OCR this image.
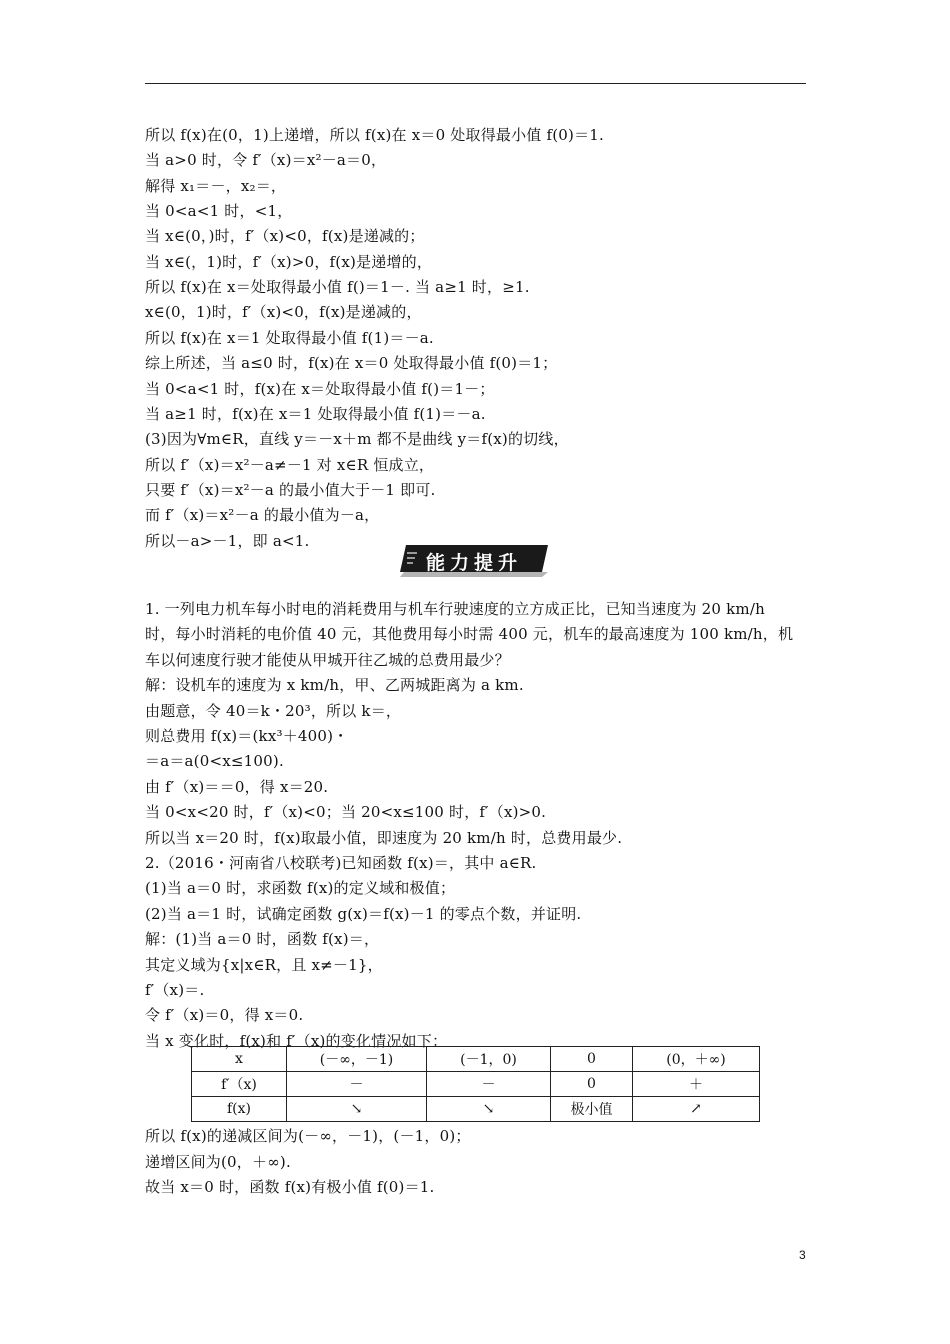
所以 f(x)在(0，1)上递增，所以 f(x)在 x＝0 处取得最小值 f(0)＝1.
当 a>0 时，令 f′（x)＝x²－a＝0，
解得 x₁＝－，x₂＝，
当 0<a<1 时，<1，
当 x∈(0，)时，f′（x)<0，f(x)是递减的；
当 x∈(，1)时，f′（x)>0，f(x)是递增的，
所以 f(x)在 x＝处取得最小值 f()＝1－. 当 a≥1 时，≥1.
x∈(0，1)时，f′（x)<0，f(x)是递减的，
所以 f(x)在 x＝1 处取得最小值 f(1)＝－a.
综上所述，当 a≤0 时，f(x)在 x＝0 处取得最小值 f(0)＝1；
当 0<a<1 时，f(x)在 x＝处取得最小值 f()＝1－；
当 a≥1 时，f(x)在 x＝1 处取得最小值 f(1)＝－a.
(3)因为∀m∈R，直线 y＝－x＋m 都不是曲线 y＝f(x)的切线，
所以 f′（x)＝x²－a≠－1 对 x∈R 恒成立，
只要 f′（x)＝x²－a 的最小值大于－1 即可.
而 f′（x)＝x²－a 的最小值为－a，
所以－a>－1，即 a<1.
能力提升
1. 一列电力机车每小时电的消耗费用与机车行驶速度的立方成正比，已知当速度为 20 km/h
时，每小时消耗的电价值 40 元，其他费用每小时需 400 元，机车的最高速度为 100 km/h，机
车以何速度行驶才能使从甲城开往乙城的总费用最少？
解：设机车的速度为 x km/h，甲、乙两城距离为 a km.
由题意，令 40＝k・20³，所以 k＝，
则总费用 f(x)＝(kx³＋400)・
＝a＝a(0<x≤100).
由 f′（x)＝＝0，得 x＝20.
当 0<x<20 时，f′（x)<0；当 20<x≤100 时，f′（x)>0.
所以当 x＝20 时，f(x)取最小值，即速度为 20 km/h 时，总费用最少.
2.（2016・河南省八校联考)已知函数 f(x)＝，其中 a∈R.
(1)当 a＝0 时，求函数 f(x)的定义域和极值；
(2)当 a＝1 时，试确定函数 g(x)＝f(x)－1 的零点个数，并证明.
解：(1)当 a＝0 时，函数 f(x)＝，
其定义域为{x|x∈R，且 x≠－1}，
f′（x)＝.
令 f′（x)＝0，得 x＝0.
当 x 变化时，f(x)和 f′（x)的变化情况如下：
x	(－∞，－1)	(－1，0)	0	(0，＋∞)
f′（x)	－	－	0	＋
f(x)	↘	↘	极小值	↗
所以 f(x)的递减区间为(－∞，－1)，(－1，0)；
递增区间为(0，＋∞).
故当 x＝0 时，函数 f(x)有极小值 f(0)＝1.
3
